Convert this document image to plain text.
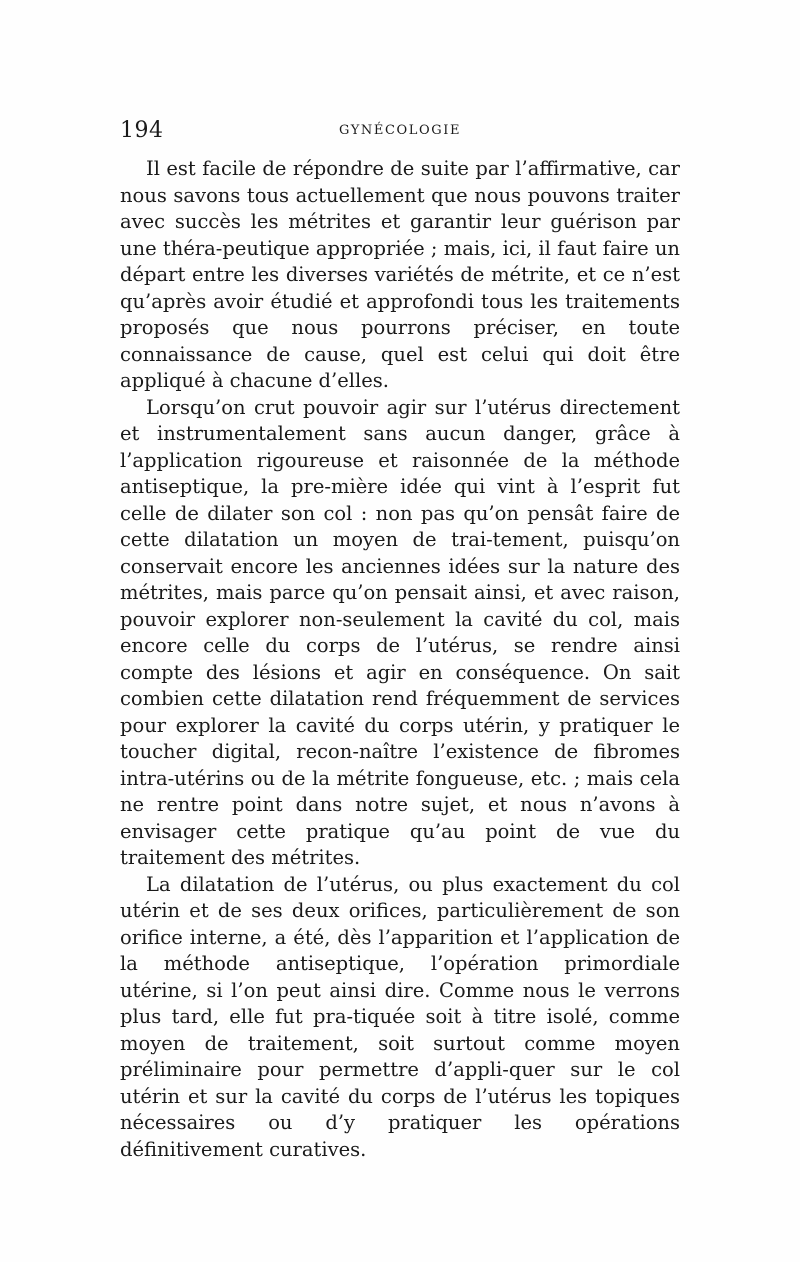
194	GYNÉCOLOGIE

Il est facile de répondre de suite par l’affirmative, car nous savons tous actuellement que nous pouvons traiter avec succès les métrites et garantir leur guérison par une théra-peutique appropriée ; mais, ici, il faut faire un départ entre les diverses variétés de métrite, et ce n’est qu’après avoir étudié et approfondi tous les traitements proposés que nous pourrons préciser, en toute connaissance de cause, quel est celui qui doit être appliqué à chacune d’elles.

Lorsqu’on crut pouvoir agir sur l’utérus directement et instrumentalement sans aucun danger, grâce à l’application rigoureuse et raisonnée de la méthode antiseptique, la pre-mière idée qui vint à l’esprit fut celle de dilater son col : non pas qu’on pensât faire de cette dilatation un moyen de trai-tement, puisqu’on conservait encore les anciennes idées sur la nature des métrites, mais parce qu’on pensait ainsi, et avec raison, pouvoir explorer non-seulement la cavité du col, mais encore celle du corps de l’utérus, se rendre ainsi compte des lésions et agir en conséquence. On sait combien cette dilatation rend fréquemment de services pour explorer la cavité du corps utérin, y pratiquer le toucher digital, recon-naître l’existence de fibromes intra-utérins ou de la métrite fongueuse, etc. ; mais cela ne rentre point dans notre sujet, et nous n’avons à envisager cette pratique qu’au point de vue du traitement des métrites.

La dilatation de l’utérus, ou plus exactement du col utérin et de ses deux orifices, particulièrement de son orifice interne, a été, dès l’apparition et l’application de la méthode antiseptique, l’opération primordiale utérine, si l’on peut ainsi dire. Comme nous le verrons plus tard, elle fut pra-tiquée soit à titre isolé, comme moyen de traitement, soit surtout comme moyen préliminaire pour permettre d’appli-quer sur le col utérin et sur la cavité du corps de l’utérus les topiques nécessaires ou d’y pratiquer les opérations définitivement curatives.
